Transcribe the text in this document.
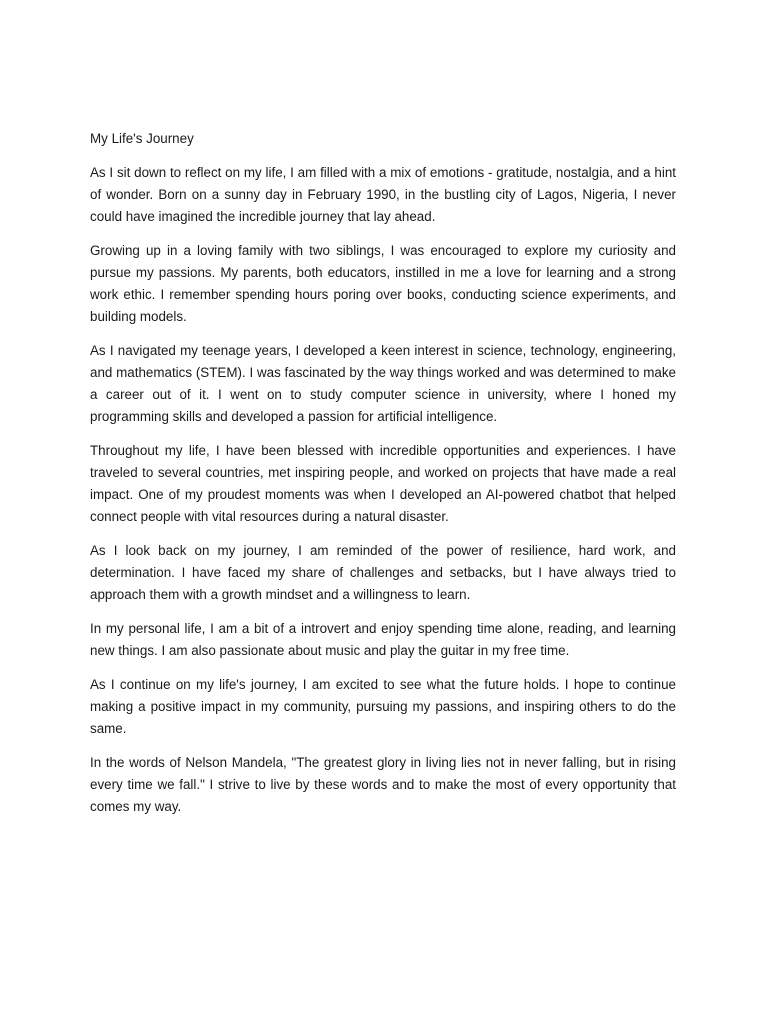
My Life's Journey

As I sit down to reflect on my life, I am filled with a mix of emotions - gratitude, nostalgia, and a hint of wonder. Born on a sunny day in February 1990, in the bustling city of Lagos, Nigeria, I never could have imagined the incredible journey that lay ahead.

Growing up in a loving family with two siblings, I was encouraged to explore my curiosity and pursue my passions. My parents, both educators, instilled in me a love for learning and a strong work ethic. I remember spending hours poring over books, conducting science experiments, and building models.

As I navigated my teenage years, I developed a keen interest in science, technology, engineering, and mathematics (STEM). I was fascinated by the way things worked and was determined to make a career out of it. I went on to study computer science in university, where I honed my programming skills and developed a passion for artificial intelligence.

Throughout my life, I have been blessed with incredible opportunities and experiences. I have traveled to several countries, met inspiring people, and worked on projects that have made a real impact. One of my proudest moments was when I developed an AI-powered chatbot that helped connect people with vital resources during a natural disaster.

As I look back on my journey, I am reminded of the power of resilience, hard work, and determination. I have faced my share of challenges and setbacks, but I have always tried to approach them with a growth mindset and a willingness to learn.

In my personal life, I am a bit of a introvert and enjoy spending time alone, reading, and learning new things. I am also passionate about music and play the guitar in my free time.

As I continue on my life's journey, I am excited to see what the future holds. I hope to continue making a positive impact in my community, pursuing my passions, and inspiring others to do the same.

In the words of Nelson Mandela, "The greatest glory in living lies not in never falling, but in rising every time we fall." I strive to live by these words and to make the most of every opportunity that comes my way.
